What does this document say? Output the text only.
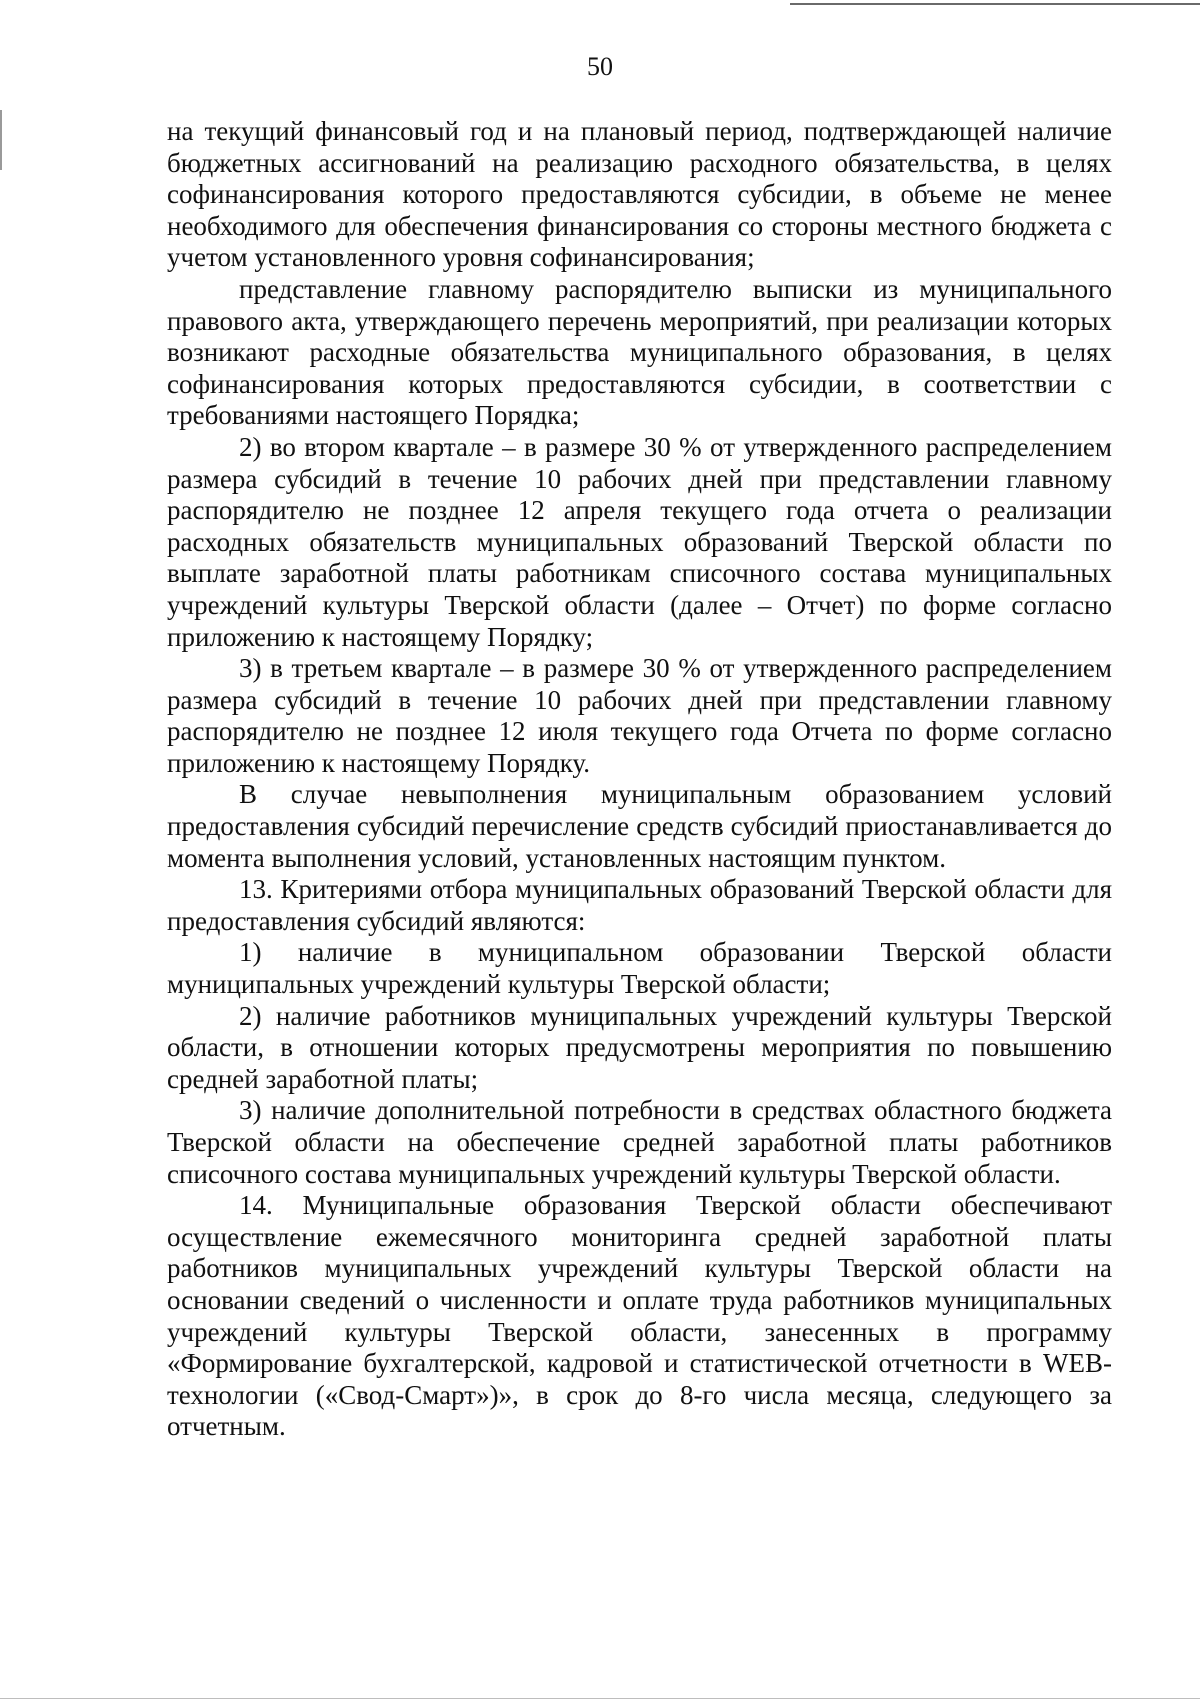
50

на текущий финансовый год и на плановый период, подтверждающей наличие бюджетных ассигнований на реализацию расходного обязательства, в целях софинансирования которого предоставляются субсидии, в объеме не менее необходимого для обеспечения финансирования со стороны местного бюджета с учетом установленного уровня софинансирования;

представление главному распорядителю выписки из муниципального правового акта, утверждающего перечень мероприятий, при реализации которых возникают расходные обязательства муниципального образования, в целях софинансирования которых предоставляются субсидии, в соответствии с требованиями настоящего Порядка;

2) во втором квартале – в размере 30 % от утвержденного распределением размера субсидий в течение 10 рабочих дней при представлении главному распорядителю не позднее 12 апреля текущего года отчета о реализации расходных обязательств муниципальных образований Тверской области по выплате заработной платы работникам списочного состава муниципальных учреждений культуры Тверской области (далее – Отчет) по форме согласно приложению к настоящему Порядку;

3) в третьем квартале – в размере 30 % от утвержденного распределением размера субсидий в течение 10 рабочих дней при представлении главному распорядителю не позднее 12 июля текущего года Отчета по форме согласно приложению к настоящему Порядку.

В случае невыполнения муниципальным образованием условий предоставления субсидий перечисление средств субсидий приостанавливается до момента выполнения условий, установленных настоящим пунктом.

13. Критериями отбора муниципальных образований Тверской области для предоставления субсидий являются:

1) наличие в муниципальном образовании Тверской области муниципальных учреждений культуры Тверской области;

2) наличие работников муниципальных учреждений культуры Тверской области, в отношении которых предусмотрены мероприятия по повышению средней заработной платы;

3) наличие дополнительной потребности в средствах областного бюджета Тверской области на обеспечение средней заработной платы работников списочного состава муниципальных учреждений культуры Тверской области.

14. Муниципальные образования Тверской области обеспечивают осуществление ежемесячного мониторинга средней заработной платы работников муниципальных учреждений культуры Тверской области на основании сведений о численности и оплате труда работников муниципальных учреждений культуры Тверской области, занесенных в программу «Формирование бухгалтерской, кадровой и статистической отчетности в WEB-технологии («Свод-Смарт»)», в срок до 8-го числа месяца, следующего за отчетным.
